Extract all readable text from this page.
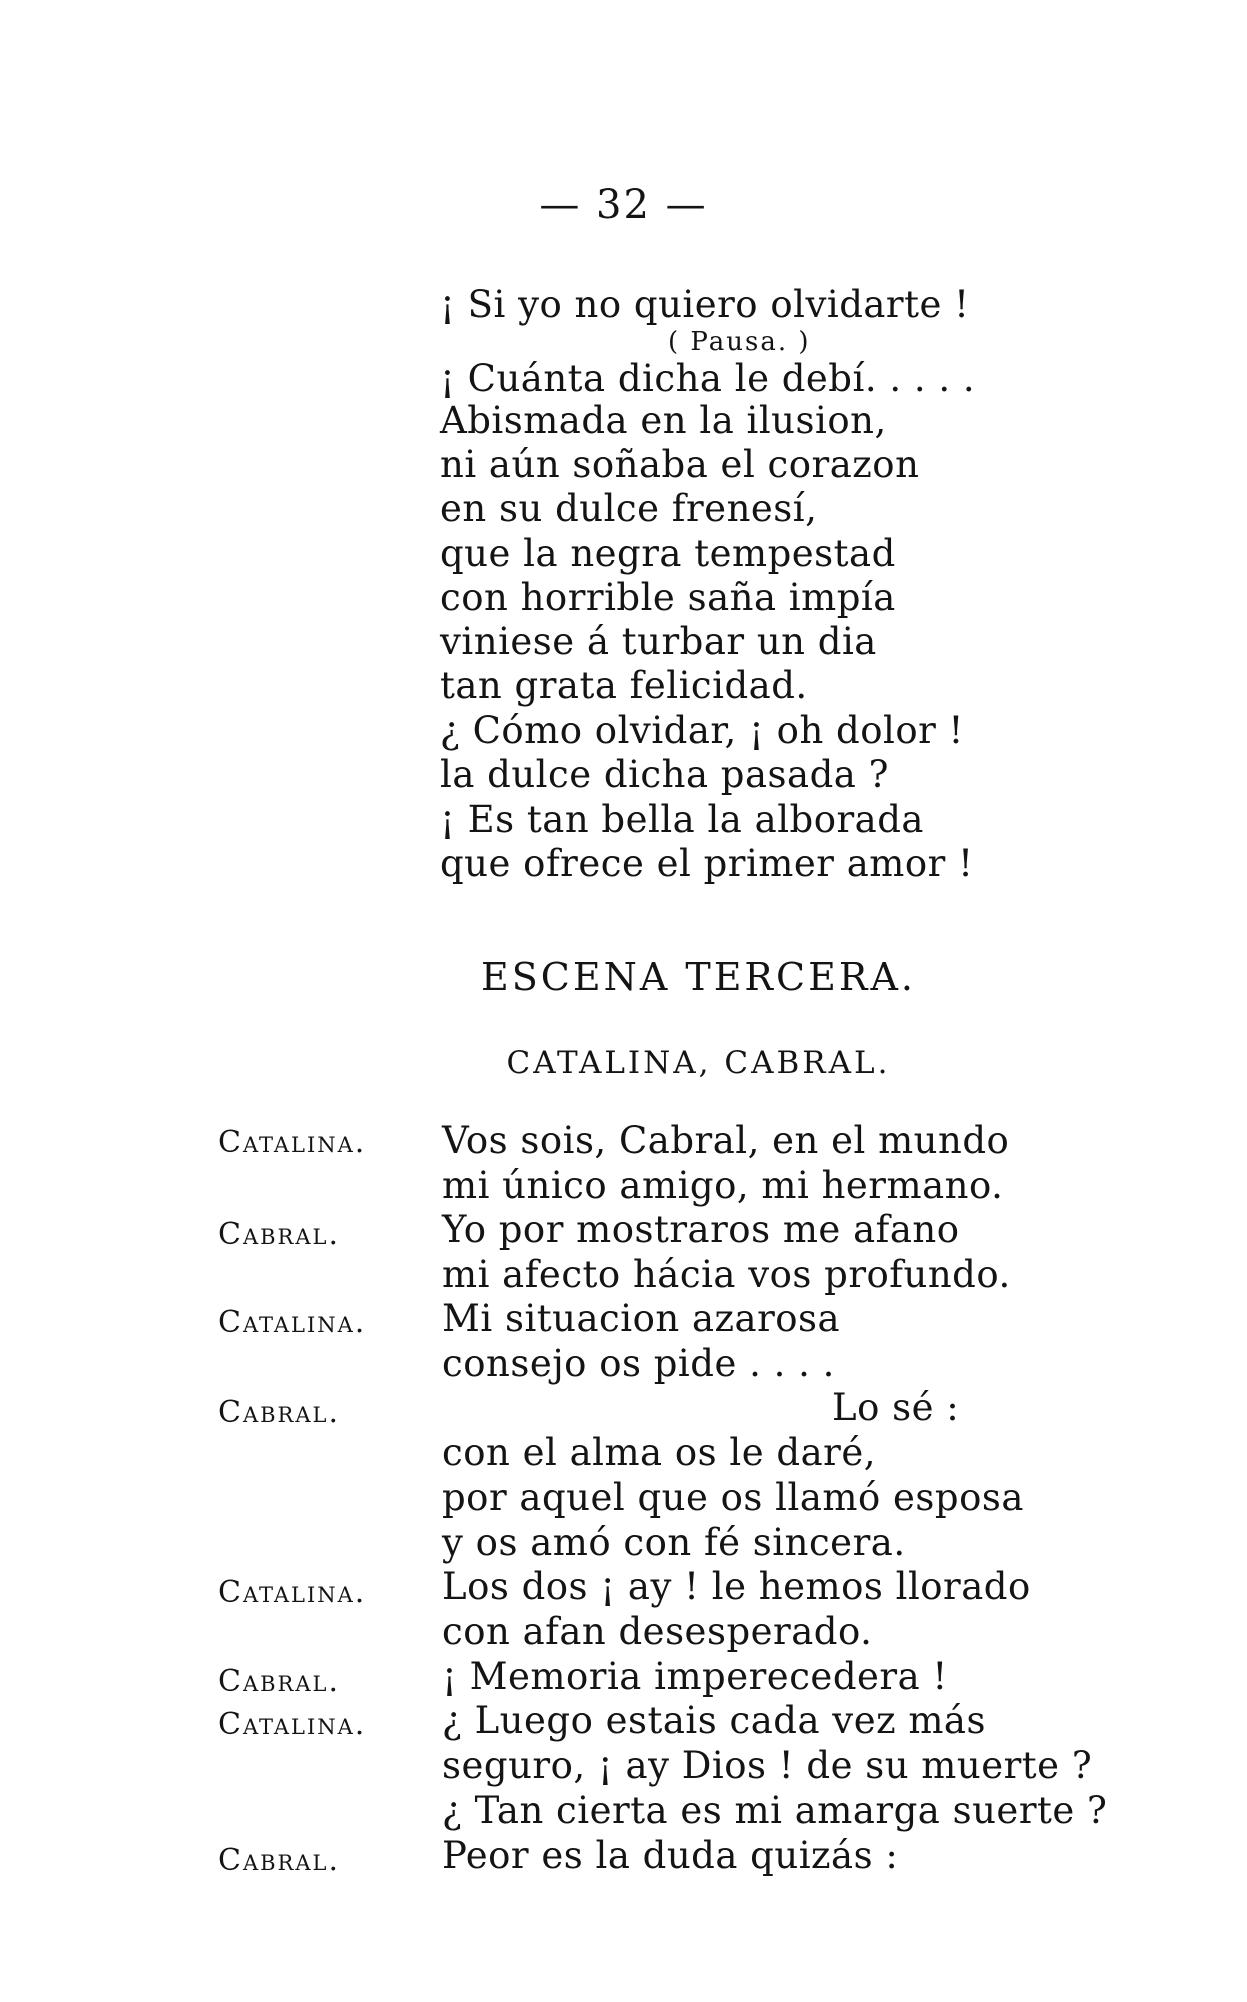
— 32 —
¡ Si yo no quiero olvidarte !
( Pausa. )
¡ Cuánta dicha le debí. . . . .
Abismada en la ilusion,
ni aún soñaba el corazon
en su dulce frenesí,
que la negra tempestad
con horrible saña impía
viniese á turbar un dia
tan grata felicidad.
¿ Cómo olvidar, ¡ oh dolor !
la dulce dicha pasada ?
¡ Es tan bella la alborada
que ofrece el primer amor !
ESCENA TERCERA.
CATALINA, CABRAL.
Catalina. Vos sois, Cabral, en el mundo
mi único amigo, mi hermano.
Cabral.	Yo por mostraros me afano
mi afecto hácia vos profundo.
Catalina. Mi situacion azarosa
consejo os pide . . . .
Cabral.	Lo sé :
con el alma os le daré,
por aquel que os llamó esposa
y os amó con fé sincera.
Catalina. Los dos ¡ ay ! le hemos llorado
con afan desesperado.
Cabral.	¡ Memoria imperecedera !
Catalina. ¿ Luego estais cada vez más
seguro, ¡ ay Dios ! de su muerte ?
¿ Tan cierta es mi amarga suerte ?
Cabral.	Peor es la duda quizás :
